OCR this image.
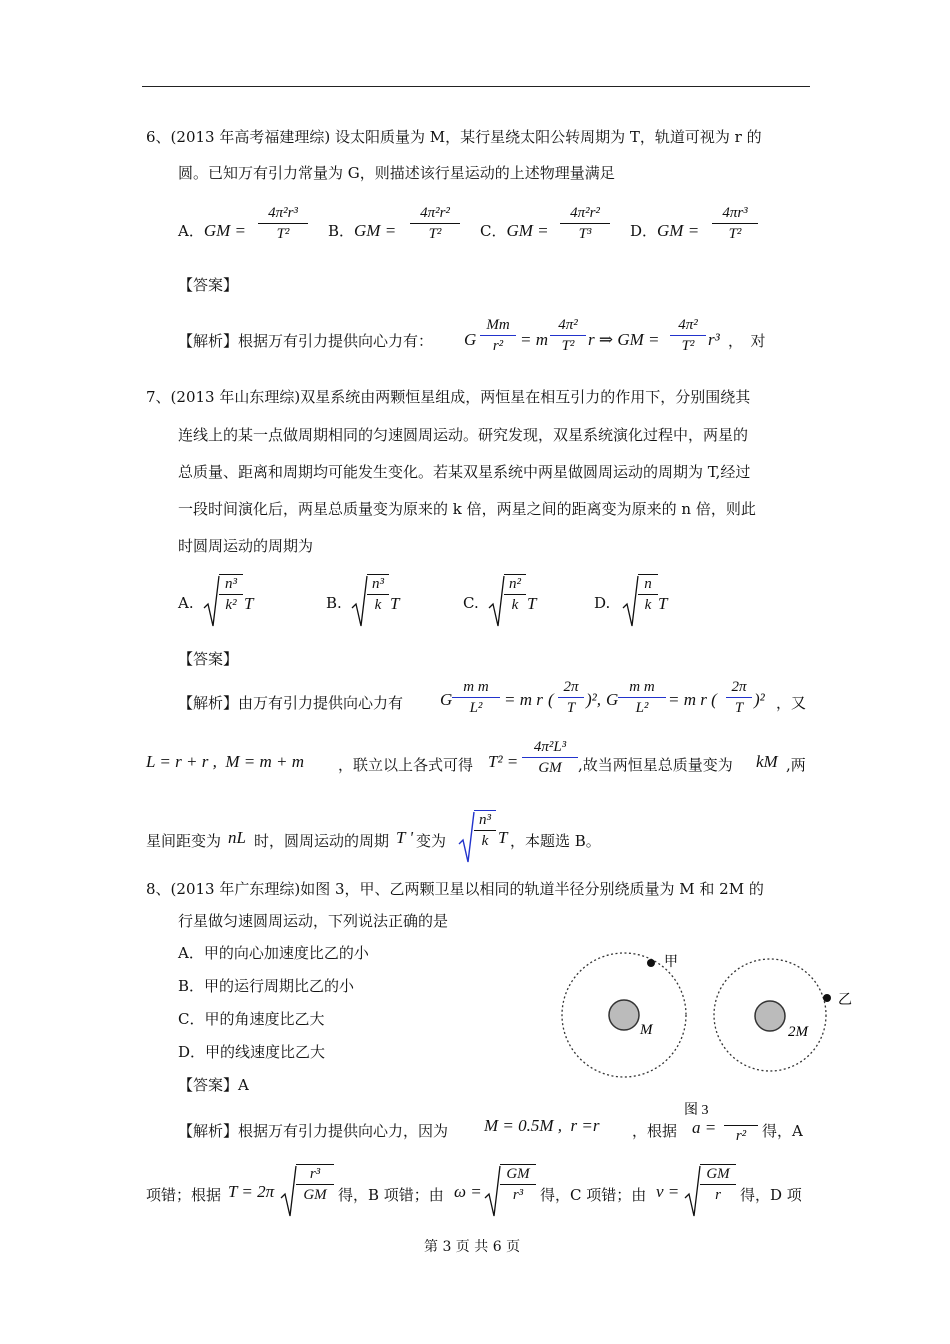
6、(2013 年高考福建理综) 设太阳质量为 M，某行星绕太阳公转周期为 T，轨道可视为 r 的
圆。已知万有引力常量为 G，则描述该行星运动的上述物理量满足
A．GM =
4π²r³
T²	B．GM =
4π²r²
T²	C．GM =
4π²r²
T³	D．GM =
4πr³
T²
【答案】
【解析】根据万有引力提供向心力有： G
Mm
r² = m
4π²
T² r ⇒ GM =
4π²
T² r³ ，　对
7、(2013 年山东理综)双星系统由两颗恒星组成，两恒星在相互引力的作用下，分别围绕其
连线上的某一点做周期相同的匀速圆周运动。研究发现，双星系统演化过程中，两星的
总质量、距离和周期均可能发生变化。若某双星系统中两星做圆周运动的周期为 T,经过
一段时间演化后，两星总质量变为原来的 k 倍，两星之间的距离变为原来的 n 倍，则此
时圆周运动的周期为
A.
n³
k² T	B.
n³
k T	C.
n²
k T	D.
n
k T
【答案】
【解析】由万有引力提供向心力有 G
m m
L²	= m r (
2π
T )², G
m m
L²	= m r (
2π
T )² ，又
L = r + r ,  M = m + m ，联立以上各式可得 T² =
4π²L³
GM	,故当两恒星总质量变为 kM ,两
星间距变为 nL 时，圆周运动的周期 T ' 变为
n³
k T ，本题选 B。
8、(2013 年广东理综)如图 3，甲、乙两颗卫星以相同的轨道半径分别绕质量为 M 和 2M 的
行星做匀速圆周运动，下列说法正确的是
A．甲的向心加速度比乙的小
B．甲的运行周期比乙的小
C．甲的角速度比乙大
D．甲的线速度比乙大
【答案】A
M
甲
2M
乙
图 3
【解析】根据万有引力提供向心力，因为 M = 0.5M ,  r =r ，根据 a =
	r²	得，A
项错；根据 T = 2π
r³
GM 得，B 项错；由 ω =
GM
r³	得，C 项错；由 v =
GM
r	得，D 项
第 3 页 共 6 页
